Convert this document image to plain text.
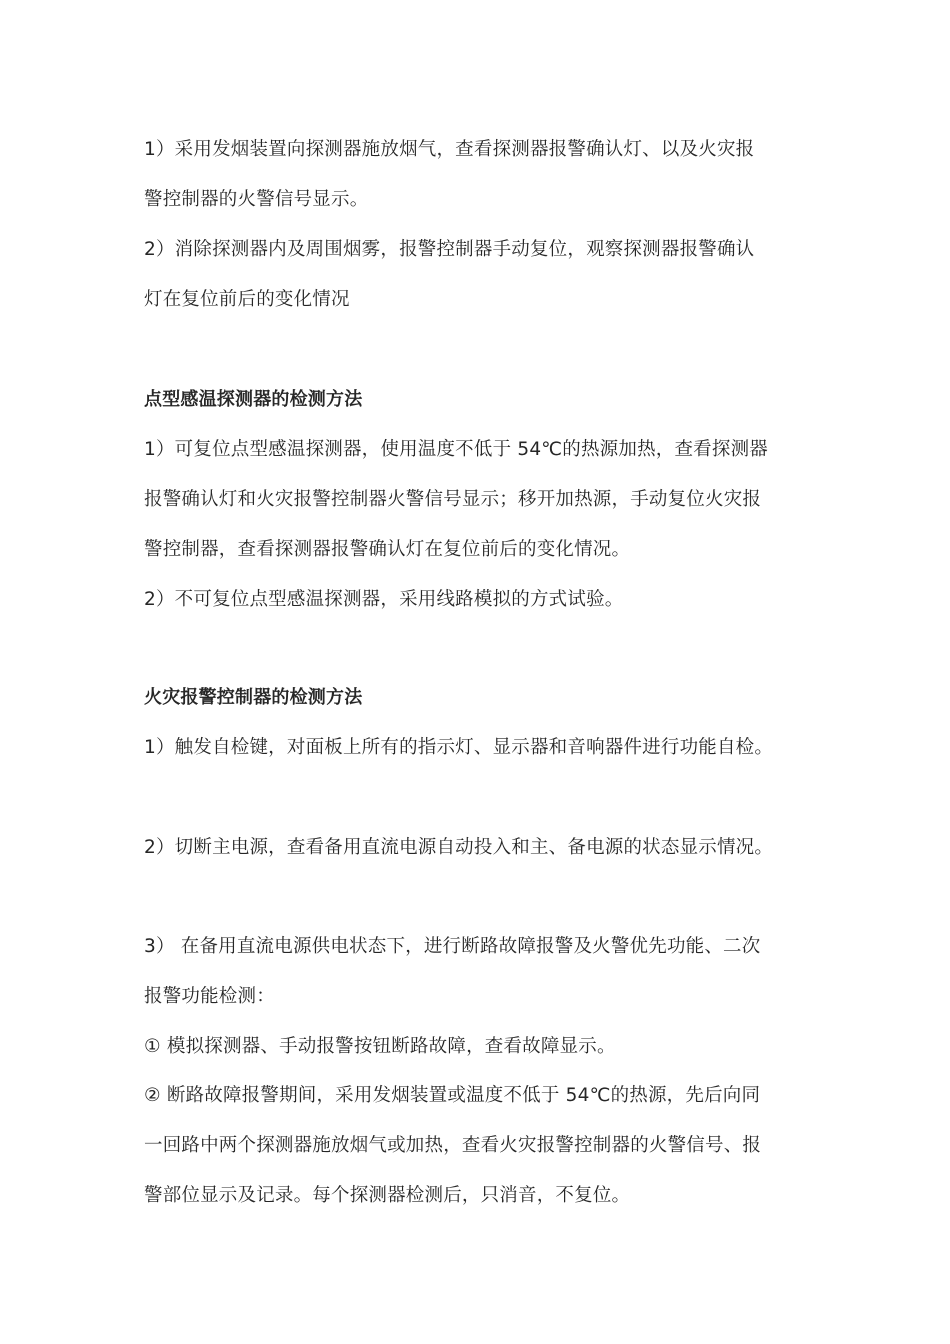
1）采用发烟装置向探测器施放烟气，查看探测器报警确认灯、以及火灾报
警控制器的火警信号显示。
2）消除探测器内及周围烟雾，报警控制器手动复位，观察探测器报警确认
灯在复位前后的变化情况
点型感温探测器的检测方法
1）可复位点型感温探测器，使用温度不低于 54℃的热源加热，查看探测器
报警确认灯和火灾报警控制器火警信号显示；移开加热源，手动复位火灾报
警控制器，查看探测器报警确认灯在复位前后的变化情况。
2）不可复位点型感温探测器，采用线路模拟的方式试验。
火灾报警控制器的检测方法
1）触发自检键，对面板上所有的指示灯、显示器和音响器件进行功能自检。
2）切断主电源，查看备用直流电源自动投入和主、备电源的状态显示情况。
3） 在备用直流电源供电状态下，进行断路故障报警及火警优先功能、二次
报警功能检测：
① 模拟探测器、手动报警按钮断路故障，查看故障显示。
② 断路故障报警期间，采用发烟装置或温度不低于 54℃的热源，先后向同
一回路中两个探测器施放烟气或加热，查看火灾报警控制器的火警信号、报
警部位显示及记录。每个探测器检测后，只消音，不复位。
